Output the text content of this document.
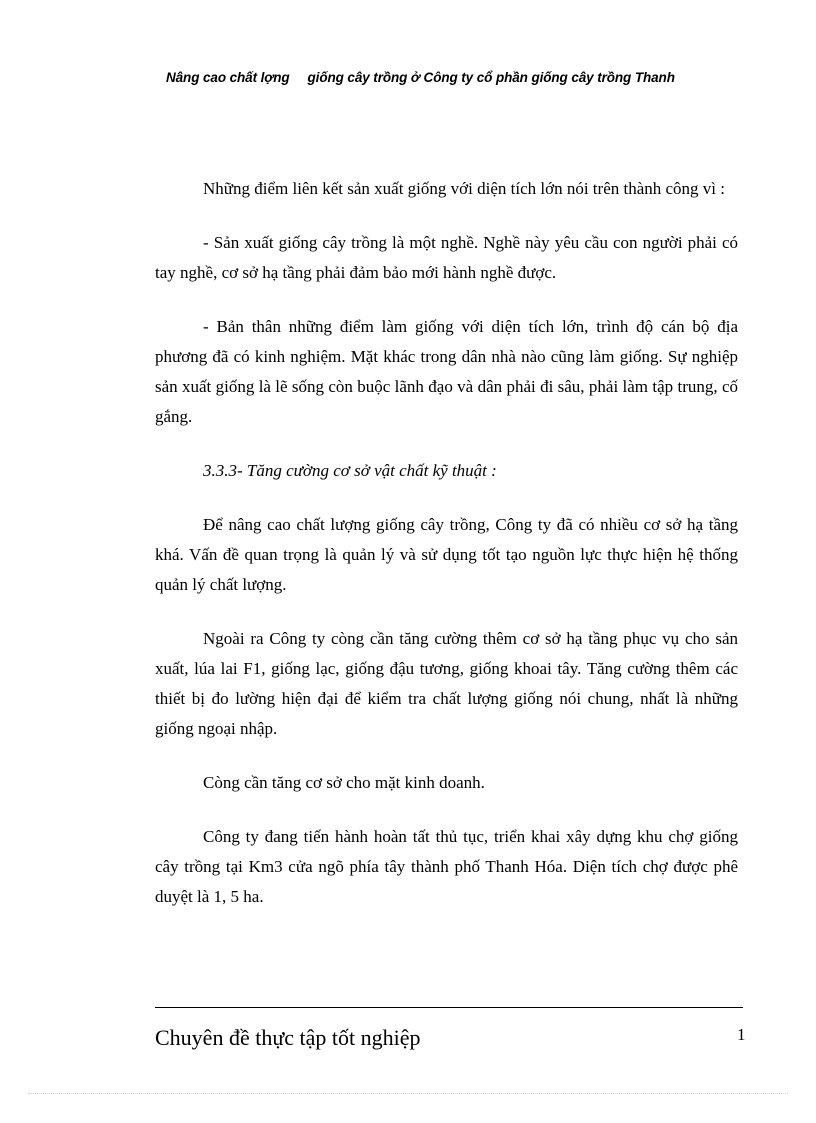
Nâng cao chất lợng giống cây trồng ở Công ty cổ phần giống cây trồng Thanh

Những điểm liên kết sản xuất giống với diện tích lớn nói trên thành công vì :

- Sản xuất giống cây trồng là một nghề. Nghề này yêu cầu con người phải có tay nghề, cơ sở hạ tầng phải đảm bảo mới hành nghề được.

- Bản thân những điểm làm giống với diện tích lớn, trình độ cán bộ địa phương đã có kinh nghiệm. Mặt khác trong dân nhà nào cũng làm giống. Sự nghiệp sản xuất giống là lẽ sống còn buộc lãnh đạo và dân phải đi sâu, phải làm tập trung, cố gắng.

3.3.3- Tăng cường cơ sở vật chất kỹ thuật :

Để nâng cao chất lượng giống cây trồng, Công ty đã có nhiều cơ sở hạ tầng khá. Vấn đề quan trọng là quản lý và sử dụng tốt tạo nguồn lực thực hiện hệ thống quản lý chất lượng.

Ngoài ra Công ty còng cần tăng cường thêm cơ sở hạ tầng phục vụ cho sản xuất, lúa lai F1, giống lạc, giống đậu tương, giống khoai tây. Tăng cường thêm các thiết bị đo lường hiện đại để kiểm tra chất lượng giống nói chung, nhất là những giống ngoại nhập.

Còng cần tăng cơ sở cho mặt kinh doanh.

Công ty đang tiến hành hoàn tất thủ tục, triển khai xây dựng khu chợ giống cây trồng tại Km3 cửa ngõ phía tây thành phố Thanh Hóa. Diện tích chợ được phê duyệt là 1, 5 ha.

Chuyên đề thực tập tốt nghiệp	1
